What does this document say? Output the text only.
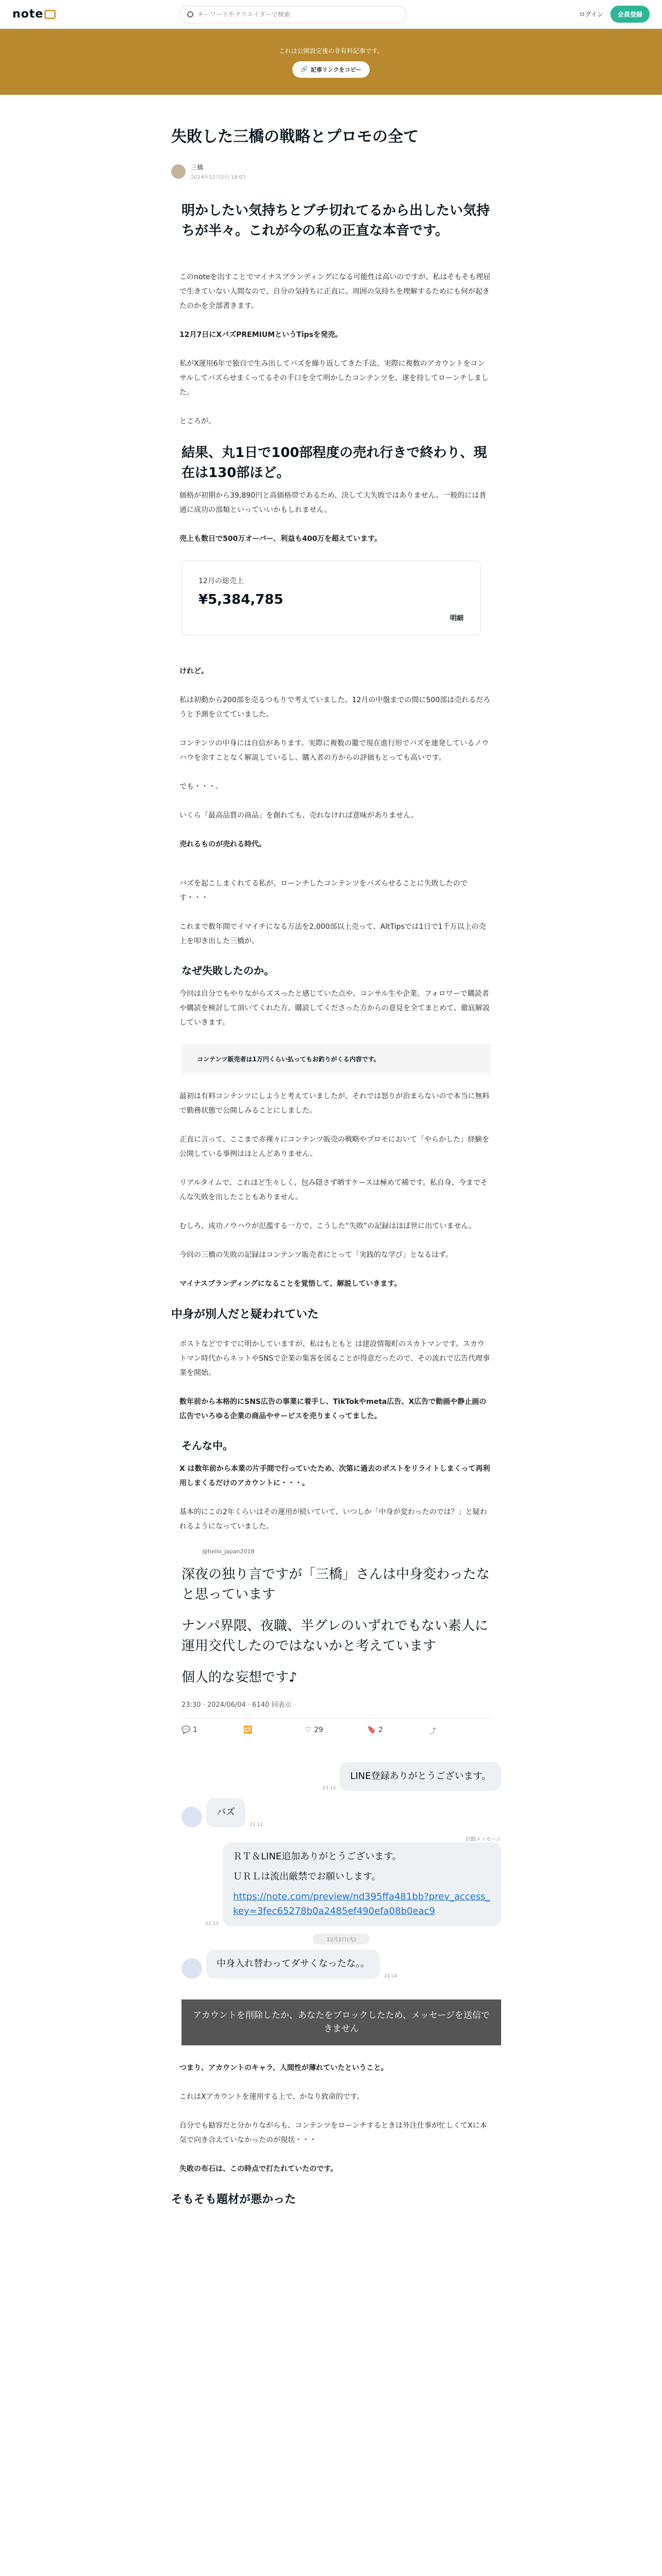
note	キーワードやクリエイターで検索	ログイン	会員登録
これは公開設定後の非有料記事です。
🔗 記事リンクをコピー
失敗した三橋の戦略とプロモの全て
三橋
2024年12月2日 18:07
明かしたい気持ちとブチ切れてるから出したい気持ちが半々。これが今の私の正直な本音です。

このnoteを出すことでマイナスブランディングになる可能性は高いのですが、私はそもそも理屈で生きていない人間なので、自分の気持ちに正直に、周囲の気持ちを理解するためにも何が起きたのかを全部書きます。

12月7日にXバズPREMIUMというTipsを発売。

私がX運用6年で独自で生み出してバズを繰り返してきた手法、実際に複数のアカウントをコンサルしてバズらせまくってるその手口を全て明かしたコンテンツを、遂を持してローンチしました。

ところが。

結果、丸1日で100部程度の売れ行きで終わり、現在は130部ほど。

価格が初期から39,890円と高価格帯であるため、決して大失敗ではありません。一般的には普通に成功の部類といっていいかもしれません。

売上も数日で500万オーバー、利益も400万を超えています。

12月の総売上
¥5,384,785
明細

けれど。

私は初動から200部を売るつもりで考えていました。12月の中盤までの間に500部は売れるだろうと予測を立てていました。

コンテンツの中身には自信があります。実際に複数の籠で現在進行形でバズを連発しているノウハウを余すことなく解説しているし、購入者の方からの評価もとっても高いです。

でも・・・。

いくら「最高品質の商品」を創れても、売れなければ意味がありません。

売れるものが売れる時代。

バズを起こしまくれてる私が、ローンチしたコンテンツをバズらせることに失敗したのです・・・

これまで数年間でイマイチになる万法を2,000部以上売って、AltTipsでは1日で1千万以上の売上を叩き出した三橋が。

なぜ失敗したのか。

今回は自分でもやりながらズスったと感じていた点や、コンサル生や企業、フォロワーで購読者や購読を検討して頂いてくれた方、購読してくださった方からの意見を全てまとめて、徹底解説していきます。

コンテンツ販売者は1万円くらい払ってもお釣りがくる内容です。

最初は有料コンテンツにしようと考えていましたが、それでは怒りが治まらないので本当に無料で勤務状態で公開しみることにしました。

正直に言って、ここまで赤裸々にコンテンツ販売の戦略やプロモにおいて「やらかした」経験を公開している事例はほとんどありません。

リアルタイムで、これほど生々しく、包み隠さず晒すケースは極めて稀です。私自身、今までそんな失敗を出したこともありません。

むしろ、成功ノウハウが氾濫する一方で、こうした“失敗”の記録はほぼ世に出ていません。

今回の三橋の失敗の記録はコンテンツ販売者にとって「実践的な学び」となるはず。

マイナスブランディングになることを覚悟して、解説していきます。

中身が別人だと疑われていた

ボストなどですでに明かしていますが、私はもともと は建設情報町のスカトマンです。スカウトマン時代からネットやSNSで企業の集客を図ることが得意だったので、その流れで広告代理事業を開始。

数年前から本格的にSNS広告の事業に着手し、TikTokやmeta広告、X広告で動画や静止画の広告でいろゆる企業の商品やサービスを売りまくってました。

そんな中。

X は数年前から本業の片手間で行っていたため、次第に過去のポストをリライトしまくって再利用しまくるだけのアカウントに・・・。

基本的にこの2年くらいはその運用が続いていて、いつしか「中身が変わったのでは？」と疑われるようになっていました。

@hello_japan2018
深夜の独り言ですが「三橋」さんは中身変わったなと思っています
ナンパ界隈、夜職、半グレのいずれでもない素人に運用交代したのではないかと考えています
個人的な妄想です♪
23:30 · 2024/06/04 · 6140 回表示
💬 1	🔁	♡ 29	🔖 2	⤴
23:13
LINE登録ありがとうございます。
バズ
21:12
自動メッセージ
21:13
ＲＴ＆LINE追加ありがとうございます。
ＵＲＬは流出厳禁でお願いします。
https://note.com/preview/nd395ffa481bb?prev_access_key=3fec65278b0a2485ef490efa08b0eac9
12月2日(火)
中身入れ替わってダサくなったな。。
21:14
アカウントを削除したか、あなたをブロックしたため、メッセージを送信できません

つまり、アカウントのキャラ、人間性が薄れていたということ。

これはXアカウントを運用する上で、かなり致命的です。

自分でも勧容だと分かりながらも、コンテンツをローンチするときは外注仕事が忙しくてXに本気で向き合えていなかったのが現状・・・

失敗の布石は、この時点で打たれていたのです。

そもそも題材が悪かった
